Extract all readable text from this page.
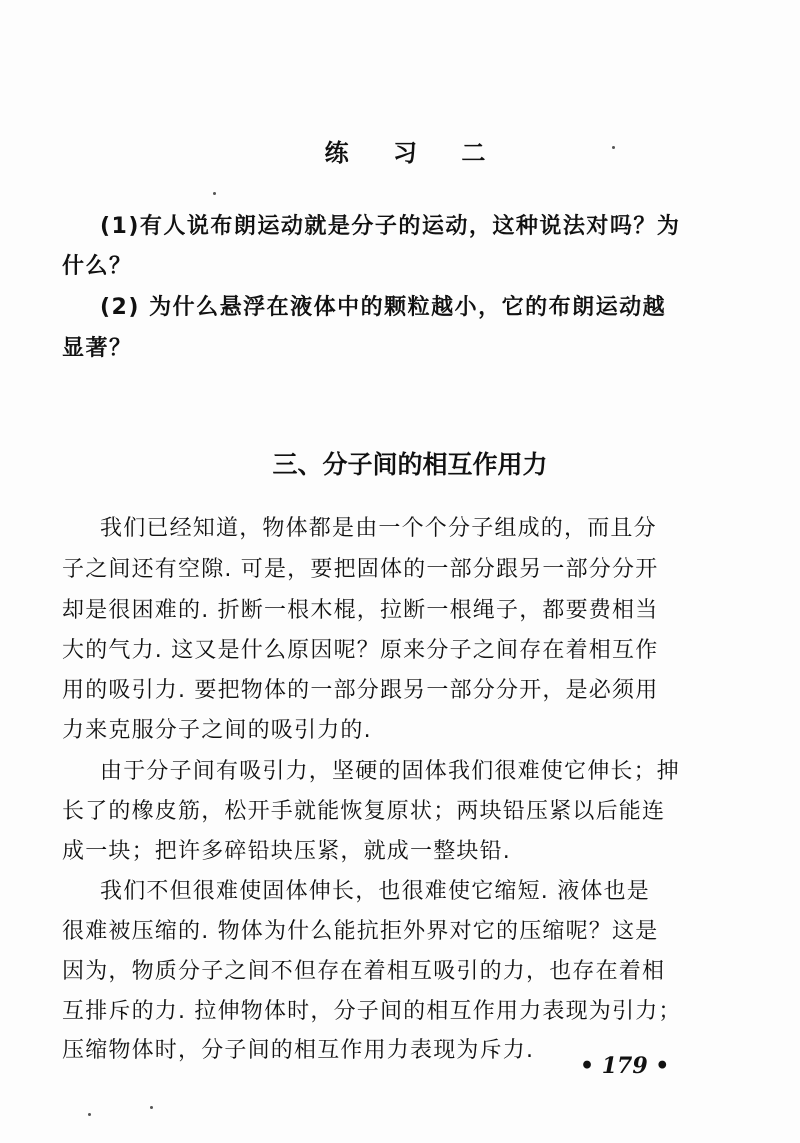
练 习 二
(1)有人说布朗运动就是分子的运动，这种说法对吗？为
什么？
(2) 为什么悬浮在液体中的颗粒越小，它的布朗运动越
显著？
三、分子间的相互作用力
我们已经知道，物体都是由一个个分子组成的，而且分
子之间还有空隙. 可是，要把固体的一部分跟另一部分分开
却是很困难的. 折断一根木棍，拉断一根绳子，都要费相当
大的气力. 这又是什么原因呢？原来分子之间存在着相互作
用的吸引力. 要把物体的一部分跟另一部分分开，是必须用
力来克服分子之间的吸引力的.
由于分子间有吸引力，坚硬的固体我们很难使它伸长；抻
长了的橡皮筋，松开手就能恢复原状；两块铅压紧以后能连
成一块；把许多碎铅块压紧，就成一整块铅.
我们不但很难使固体伸长，也很难使它缩短. 液体也是
很难被压缩的. 物体为什么能抗拒外界对它的压缩呢？这是
因为，物质分子之间不但存在着相互吸引的力，也存在着相
互排斥的力. 拉伸物体时，分子间的相互作用力表现为引力；
压缩物体时，分子间的相互作用力表现为斥力.
• 179 •
